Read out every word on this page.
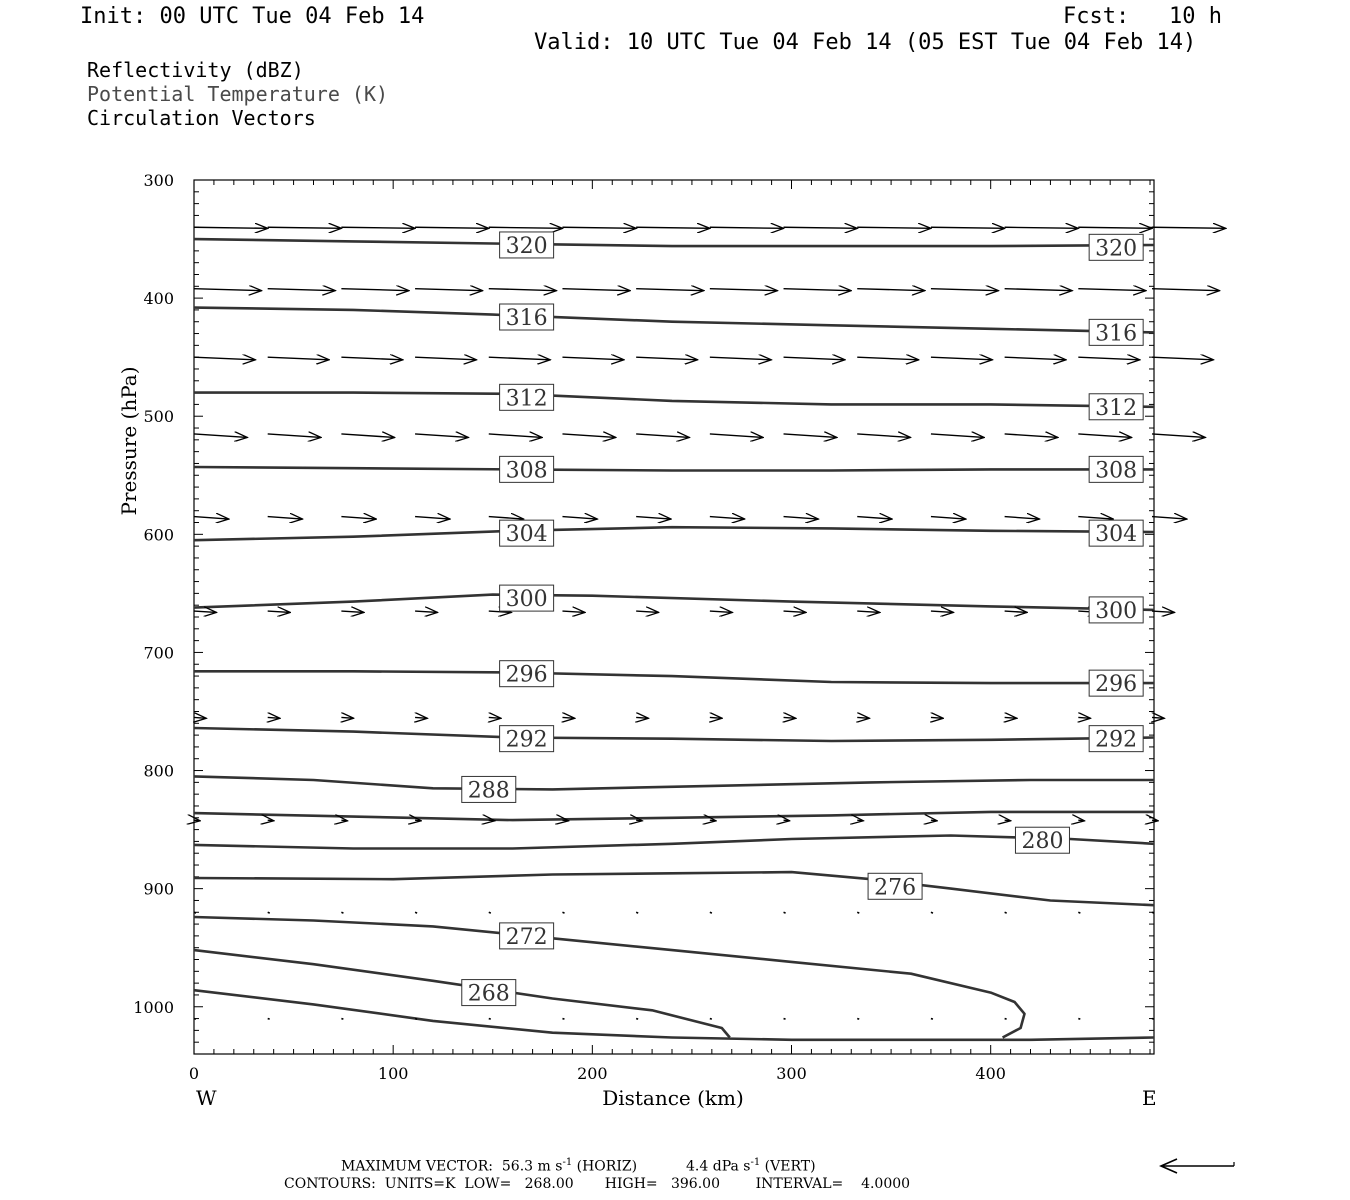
Init: 00 UTC Tue 04 Feb 14	Fcst: 10 h
Valid: 10 UTC Tue 04 Feb 14 (05 EST Tue 04 Feb 14)
Reflectivity (dBZ)
Potential Temperature (K)
Circulation Vectors
300
400
500
600
700
800
900
1000
0	100	200	300	400
320	320
316
316
312	312
308	308
304	304
300	300
296	296
292	292
288
280
276
272
268
Distance (km)
Pressure (hPa)
W	E
MAXIMUM VECTOR: 56.3 m $s^{-1}$ (HORIZ)	4.4 dPa $s^{-1}$ (VERT)
CONTOURS:  UNITS=K  LOW=   268.00       HIGH=   396.00        INTERVAL=    4.0000
